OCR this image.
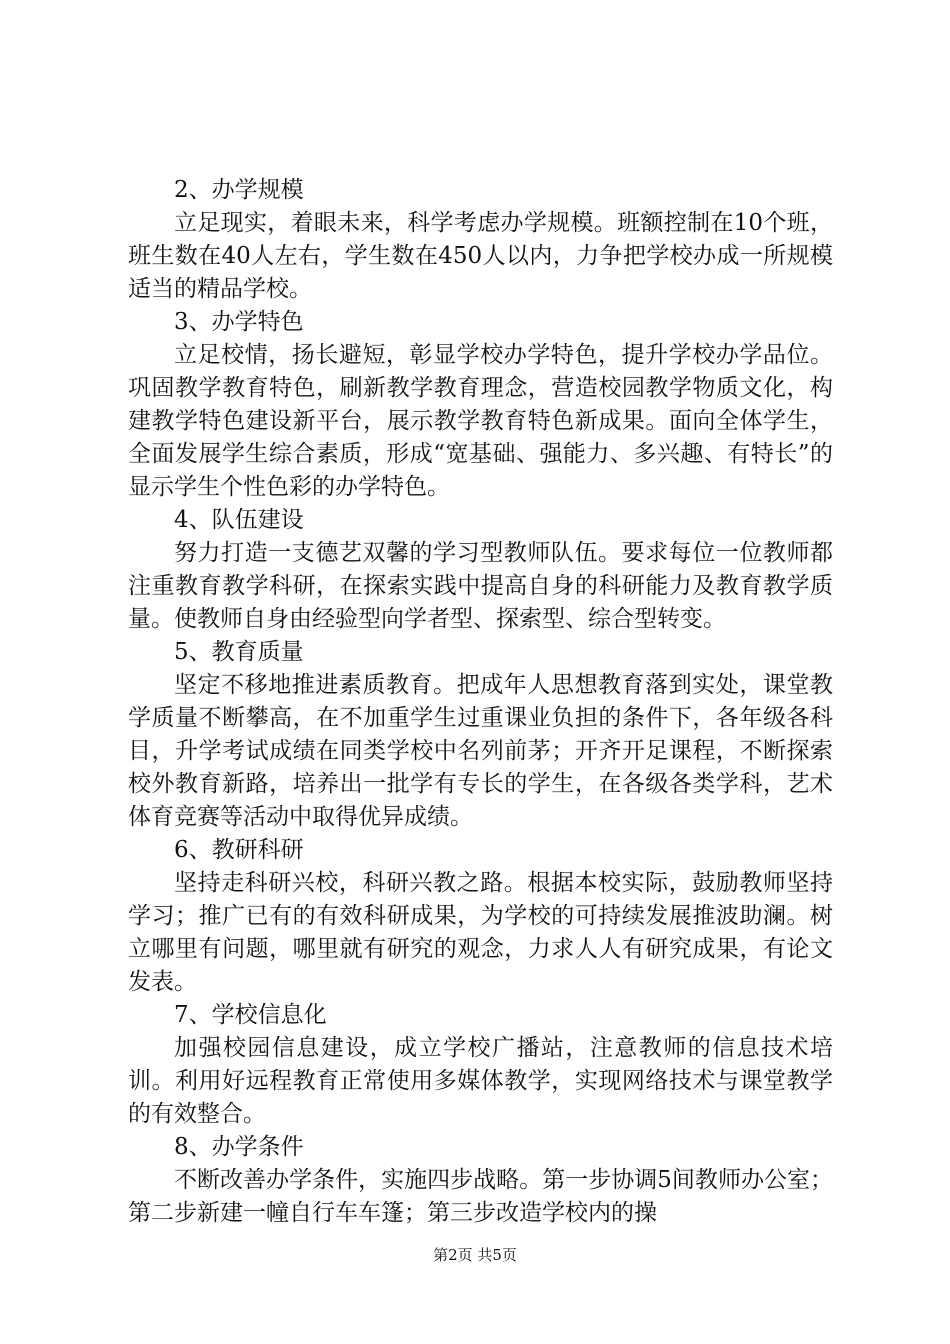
2、办学规模

立足现实，着眼未来，科学考虑办学规模。班额控制在10个班，班生数在40人左右，学生数在450人以内，力争把学校办成一所规模适当的精品学校。

3、办学特色

立足校情，扬长避短，彰显学校办学特色，提升学校办学品位。巩固教学教育特色，刷新教学教育理念，营造校园教学物质文化，构建教学特色建设新平台，展示教学教育特色新成果。面向全体学生，全面发展学生综合素质，形成“宽基础、强能力、多兴趣、有特长”的显示学生个性色彩的办学特色。

4、队伍建设

努力打造一支德艺双馨的学习型教师队伍。要求每位一位教师都注重教育教学科研，在探索实践中提高自身的科研能力及教育教学质量。使教师自身由经验型向学者型、探索型、综合型转变。

5、教育质量

坚定不移地推进素质教育。把成年人思想教育落到实处，课堂教学质量不断攀高，在不加重学生过重课业负担的条件下，各年级各科目，升学考试成绩在同类学校中名列前茅；开齐开足课程，不断探索校外教育新路，培养出一批学有专长的学生，在各级各类学科，艺术体育竞赛等活动中取得优异成绩。

6、教研科研

坚持走科研兴校，科研兴教之路。根据本校实际，鼓励教师坚持学习；推广已有的有效科研成果，为学校的可持续发展推波助澜。树立哪里有问题，哪里就有研究的观念，力求人人有研究成果，有论文发表。

7、学校信息化

加强校园信息建设，成立学校广播站，注意教师的信息技术培训。利用好远程教育正常使用多媒体教学，实现网络技术与课堂教学的有效整合。

8、办学条件

不断改善办学条件，实施四步战略。第一步协调5间教师办公室；第二步新建一幢自行车车篷；第三步改造学校内的操

第2页 共5页
